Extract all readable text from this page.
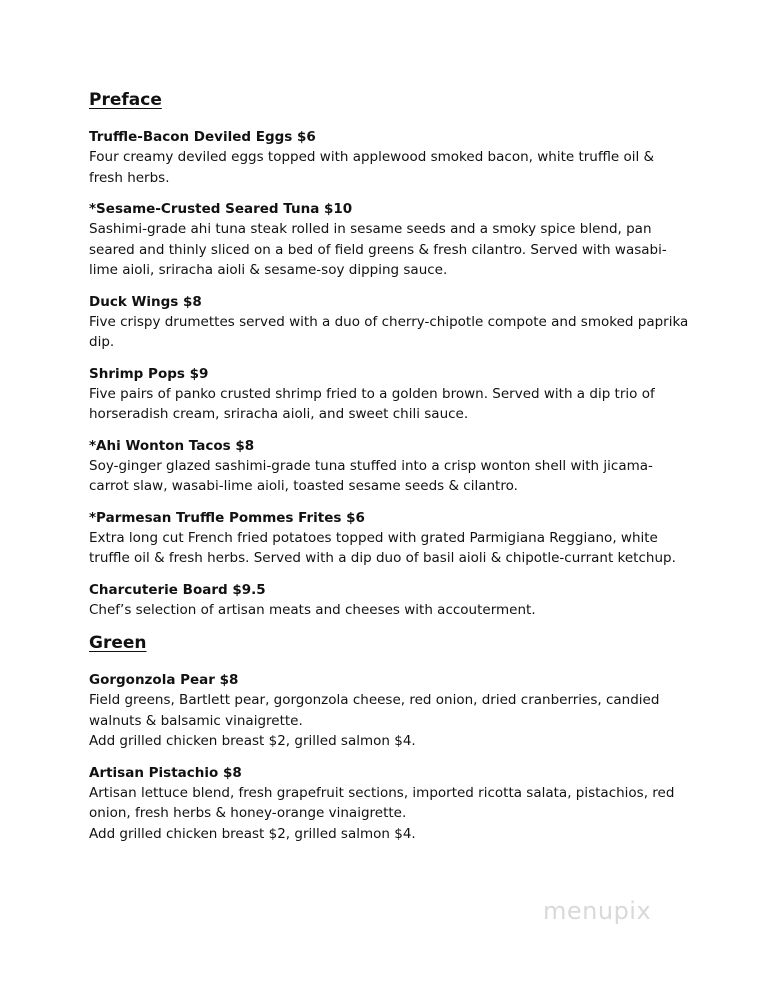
Preface
Truffle-Bacon Deviled Eggs $6
Four creamy deviled eggs topped with applewood smoked bacon, white truffle oil & fresh herbs.
*Sesame-Crusted Seared Tuna $10
Sashimi-grade ahi tuna steak rolled in sesame seeds and a smoky spice blend, pan seared and thinly sliced on a bed of field greens & fresh cilantro. Served with wasabi-lime aioli, sriracha aioli & sesame-soy dipping sauce.
Duck Wings $8
Five crispy drumettes served with a duo of cherry-chipotle compote and smoked paprika dip.
Shrimp Pops $9
Five pairs of panko crusted shrimp fried to a golden brown. Served with a dip trio of horseradish cream, sriracha aioli, and sweet chili sauce.
*Ahi Wonton Tacos $8
Soy-ginger glazed sashimi-grade tuna stuffed into a crisp wonton shell with jicama-carrot slaw, wasabi-lime aioli, toasted sesame seeds & cilantro.
*Parmesan Truffle Pommes Frites $6
Extra long cut French fried potatoes topped with grated Parmigiana Reggiano, white truffle oil & fresh herbs. Served with a dip duo of basil aioli & chipotle-currant ketchup.
Charcuterie Board $9.5
Chef’s selection of artisan meats and cheeses with accouterment.
Green
Gorgonzola Pear $8
Field greens, Bartlett pear, gorgonzola cheese, red onion, dried cranberries, candied walnuts & balsamic vinaigrette.
Add grilled chicken breast $2, grilled salmon $4.
Artisan Pistachio $8
Artisan lettuce blend, fresh grapefruit sections, imported ricotta salata, pistachios, red onion, fresh herbs & honey-orange vinaigrette.
Add grilled chicken breast $2, grilled salmon $4.
menupix
